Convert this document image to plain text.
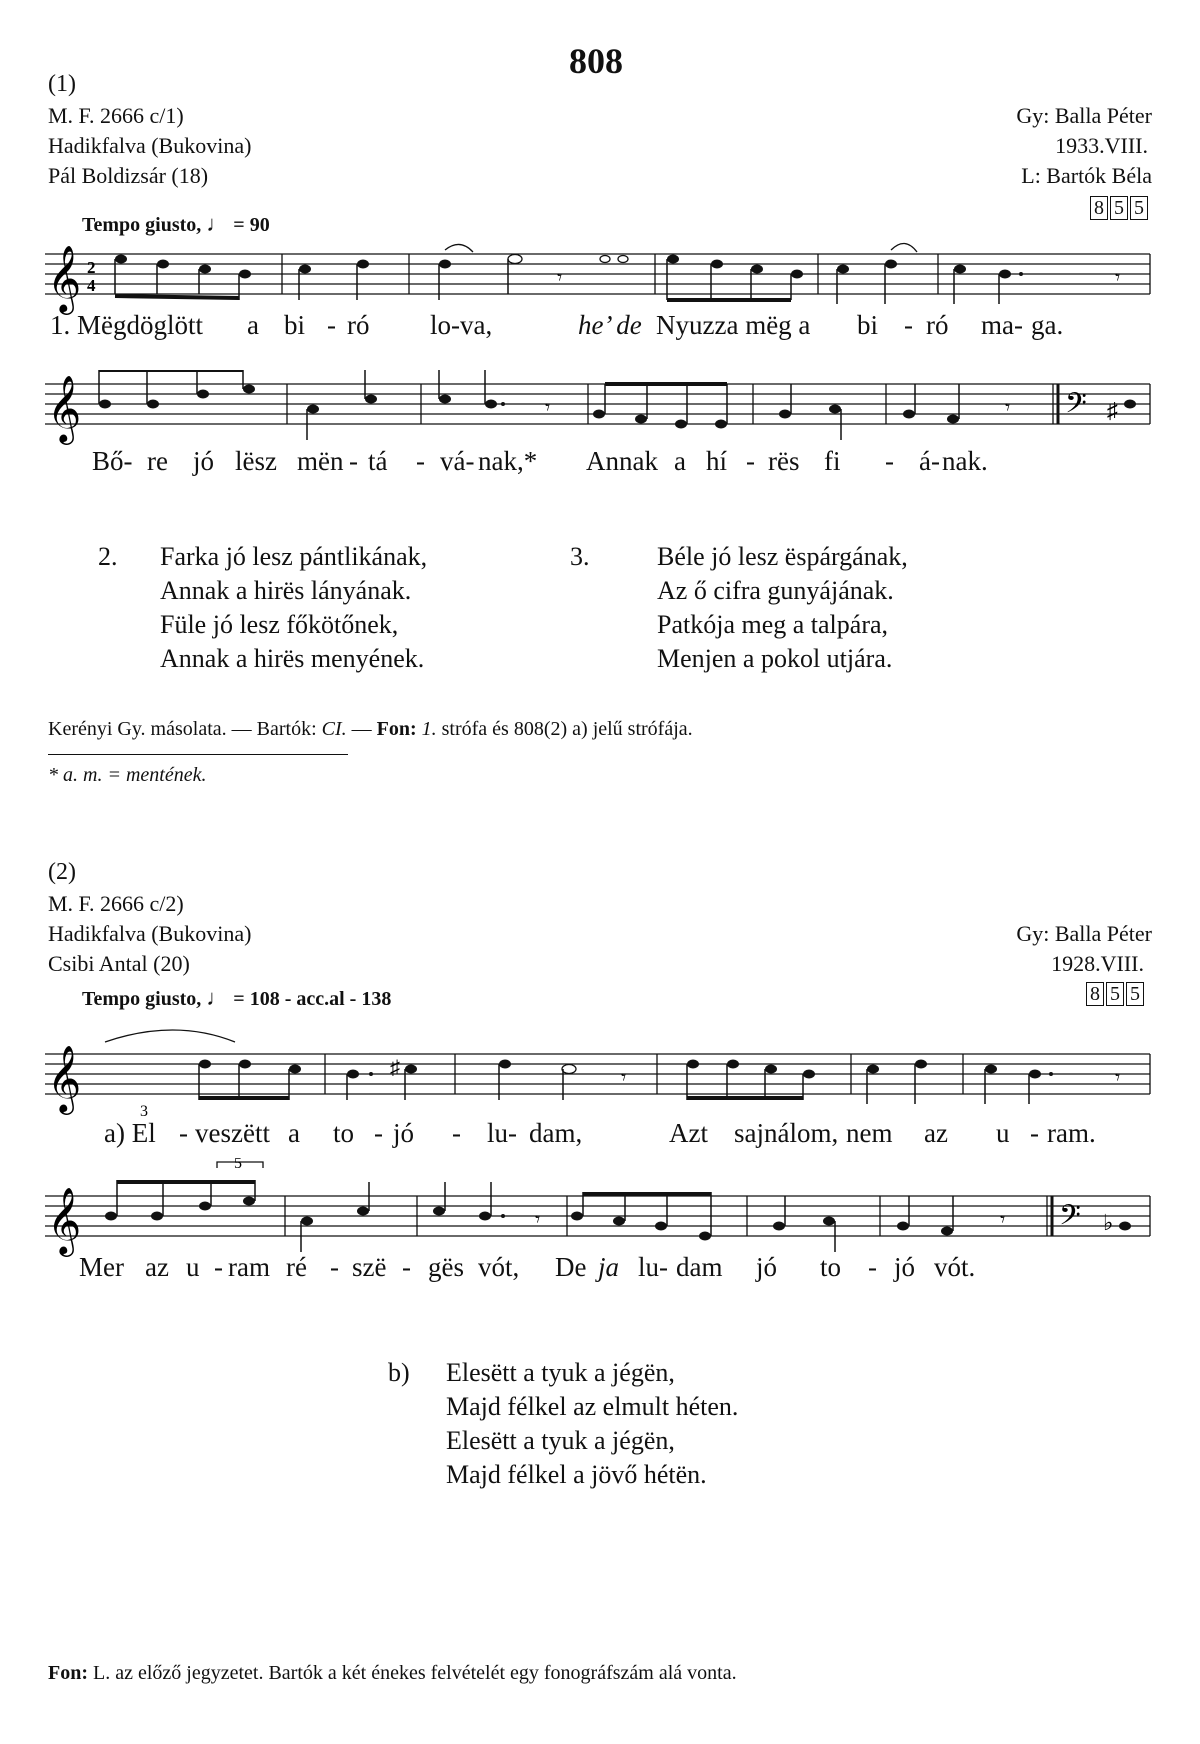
808
(1)
M. F. 2666 c/1)
Hadikfalva (Bukovina)
Pál Boldizsár (18)
Gy: Balla Péter
1933.VIII.
L: Bartók Béla
8 5 5
Tempo giusto, ♩ = 90
𝄞 2
4	𝄾	𝄾
1. Mëgdöglött a bi - ró lo-va,	he’ de Nyuzza mëg a bi - ró ma- ga.
𝄞	𝄾	𝄾 𝄢 ♯
Bő- re jó lësz mën - tá - vá- nak,* Annak a hí - rës fi - á- nak.
2. Farka jó lesz pántlikának,
Annak a hirës lányának.
Füle jó lesz főkötőnek,
Annak a hirës menyének.
3.	Béle jó lesz ëspárgának,
Az ő cifra gunyájának.
Patkója meg a talpára,
Menjen a pokol utjára.
Kerényi Gy. másolata. — Bartók: CI. — Fon: 1. strófa és 808(2) a) jelű strófája.
* a. m. = mentének.
(2)
M. F. 2666 c/2)
Hadikfalva (Bukovina)
Csibi Antal (20)
Gy: Balla Péter
1928.VIII.
8 5 5
Tempo giusto, ♩ = 108 - acc.al - 138
𝄞
3
♯	𝄾	𝄾
a) El - veszëtt a to - jó - lu- dam,	Azt sajnálom, nem az u - ram.
𝄞
5
𝄾	𝄾 𝄢 ♭
Mer az u - ram ré - szë - gës vót, De ja lu- dam jó to - jó vót.
b) Elesëtt a tyuk a jégën,
Majd félkel az elmult héten.
Elesëtt a tyuk a jégën,
Majd félkel a jövő hétën.
Fon: L. az előző jegyzetet. Bartók a két énekes felvételét egy fonográfszám alá vonta.
